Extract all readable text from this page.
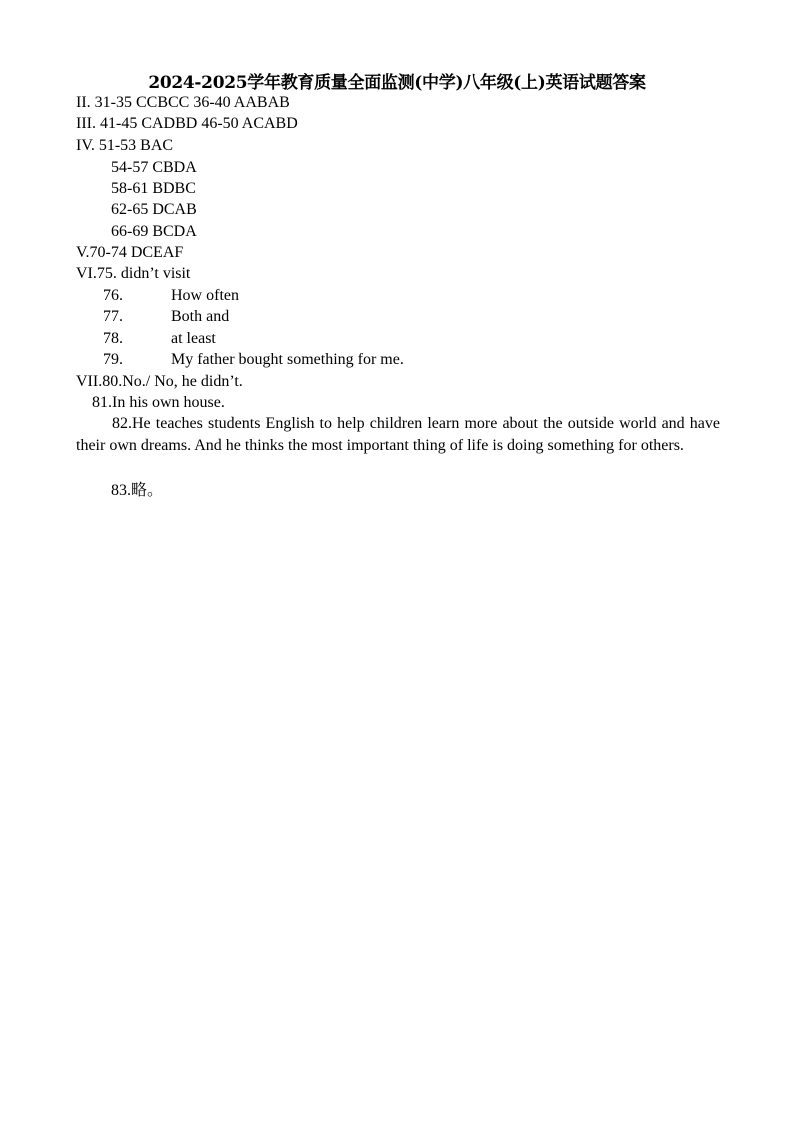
2024-2025学年教育质量全面监测(中学)八年级(上)英语试题答案
II. 31-35 CCBCC 36-40 AABAB
III. 41-45 CADBD 46-50 ACABD
IV. 51-53 BAC
54-57 CBDA
58-61 BDBC
62-65 DCAB
66-69 BCDA
V.70-74 DCEAF
VI.75. didn’t visit
76.	How often
77.	Both and
78.	at least
79.	My father bought something for me.
VII.80.No./ No, he didn’t.
81.In his own house.
82.He teaches students English to help children learn more about the outside world and have their own dreams. And he thinks the most important thing of life is doing something for others.
83.略。
